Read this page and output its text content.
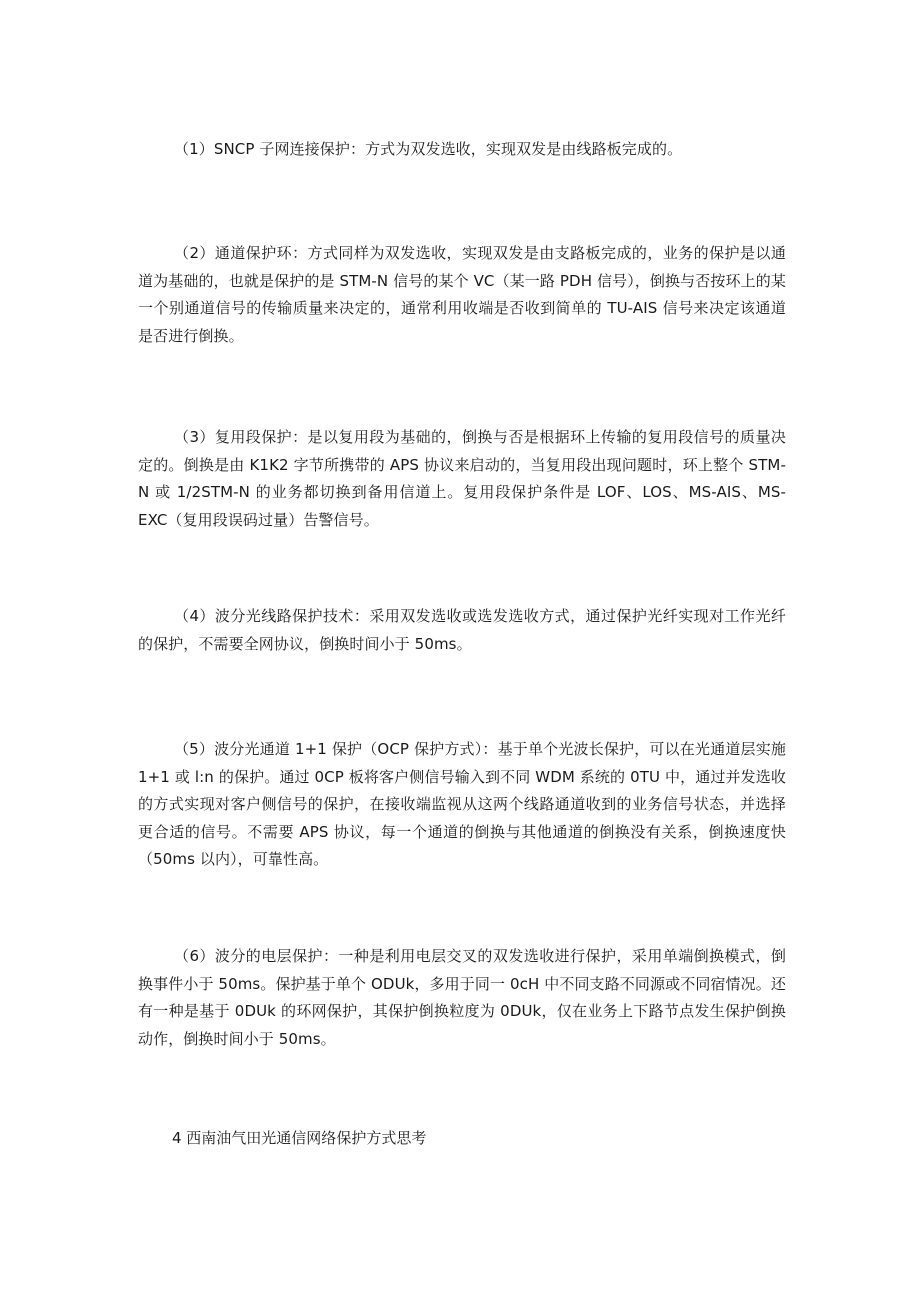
（1）SNCP 子网连接保护：方式为双发选收，实现双发是由线路板完成的。

（2）通道保护环：方式同样为双发选收，实现双发是由支路板完成的，业务的保护是以通道为基础的，也就是保护的是 STM-N 信号的某个 VC（某一路 PDH 信号），倒换与否按环上的某一个别通道信号的传输质量来决定的，通常利用收端是否收到简单的 TU-AIS 信号来决定该通道是否进行倒换。

（3）复用段保护：是以复用段为基础的，倒换与否是根据环上传输的复用段信号的质量决定的。倒换是由 K1K2 字节所携带的 APS 协议来启动的，当复用段出现问题时，环上整个 STM-N 或 1/2STM-N 的业务都切换到备用信道上。复用段保护条件是 LOF、LOS、MS-AIS、MS-EXC（复用段误码过量）告警信号。

（4）波分光线路保护技术：采用双发选收或选发选收方式，通过保护光纤实现对工作光纤的保护，不需要全网协议，倒换时间小于 50ms。

（5）波分光通道 1+1 保护（OCP 保护方式）：基于单个光波长保护，可以在光通道层实施 1+1 或 l:n 的保护。通过 0CP 板将客户侧信号输入到不同 WDM 系统的 0TU 中，通过并发选收的方式实现对客户侧信号的保护，在接收端监视从这两个线路通道收到的业务信号状态，并选择更合适的信号。不需要 APS 协议，每一个通道的倒换与其他通道的倒换没有关系，倒换速度快（50ms 以内），可靠性高。

（6）波分的电层保护：一种是利用电层交叉的双发选收进行保护，采用单端倒换模式，倒换事件小于 50ms。保护基于单个 ODUk，多用于同一 0cH 中不同支路不同源或不同宿情况。还有一种是基于 0DUk 的环网保护，其保护倒换粒度为 0DUk，仅在业务上下路节点发生保护倒换动作，倒换时间小于 50ms。

4 西南油气田光通信网络保护方式思考
